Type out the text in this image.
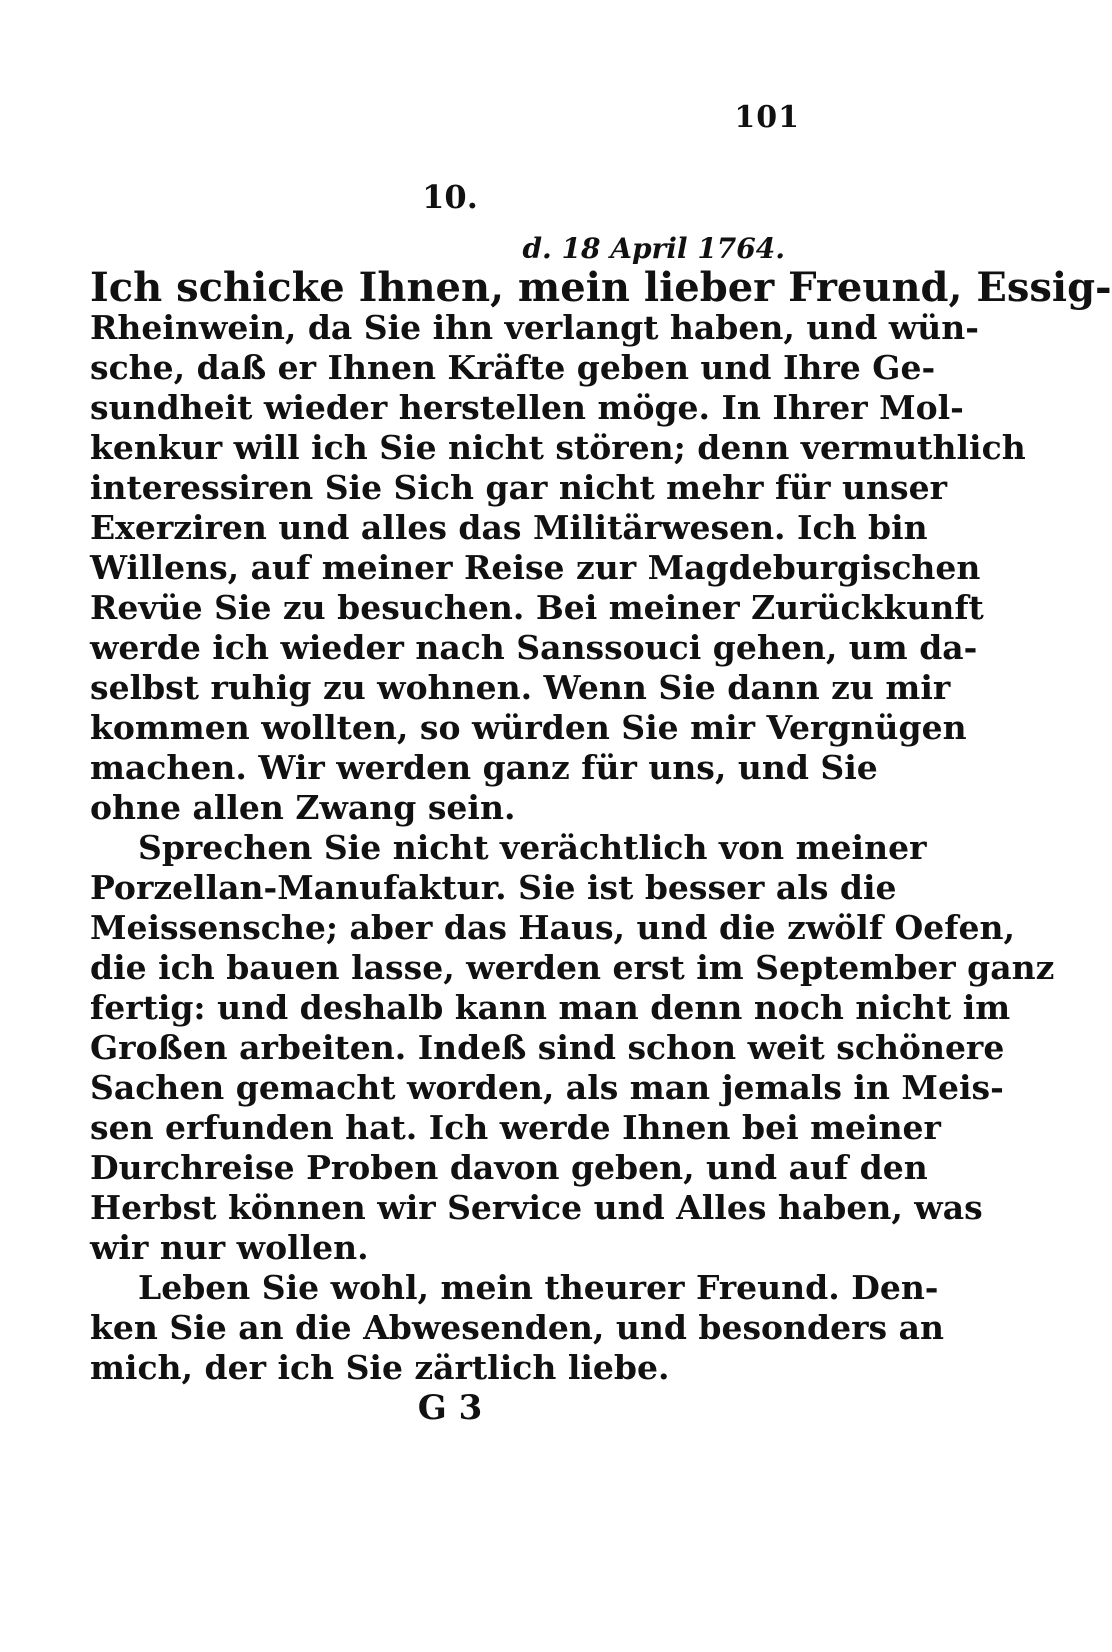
101
10.
d. 18 April 1764.
Ich schicke Ihnen, mein lieber Freund, Essig-
Rheinwein, da Sie ihn verlangt haben, und wün-
sche, daß er Ihnen Kräfte geben und Ihre Ge-
sundheit wieder herstellen möge. In Ihrer Mol-
kenkur will ich Sie nicht stören; denn vermuthlich
interessiren Sie Sich gar nicht mehr für unser
Exerziren und alles das Militärwesen. Ich bin
Willens, auf meiner Reise zur Magdeburgischen
Revüe Sie zu besuchen. Bei meiner Zurückkunft
werde ich wieder nach Sanssouci gehen, um da-
selbst ruhig zu wohnen. Wenn Sie dann zu mir
kommen wollten, so würden Sie mir Vergnügen
machen. Wir werden ganz für uns, und Sie
ohne allen Zwang sein.
Sprechen Sie nicht verächtlich von meiner
Porzellan-Manufaktur. Sie ist besser als die
Meissensche; aber das Haus, und die zwölf Oefen,
die ich bauen lasse, werden erst im September ganz
fertig: und deshalb kann man denn noch nicht im
Großen arbeiten. Indeß sind schon weit schönere
Sachen gemacht worden, als man jemals in Meis-
sen erfunden hat. Ich werde Ihnen bei meiner
Durchreise Proben davon geben, und auf den
Herbst können wir Service und Alles haben, was
wir nur wollen.
Leben Sie wohl, mein theurer Freund. Den-
ken Sie an die Abwesenden, und besonders an
mich, der ich Sie zärtlich liebe.
G 3
